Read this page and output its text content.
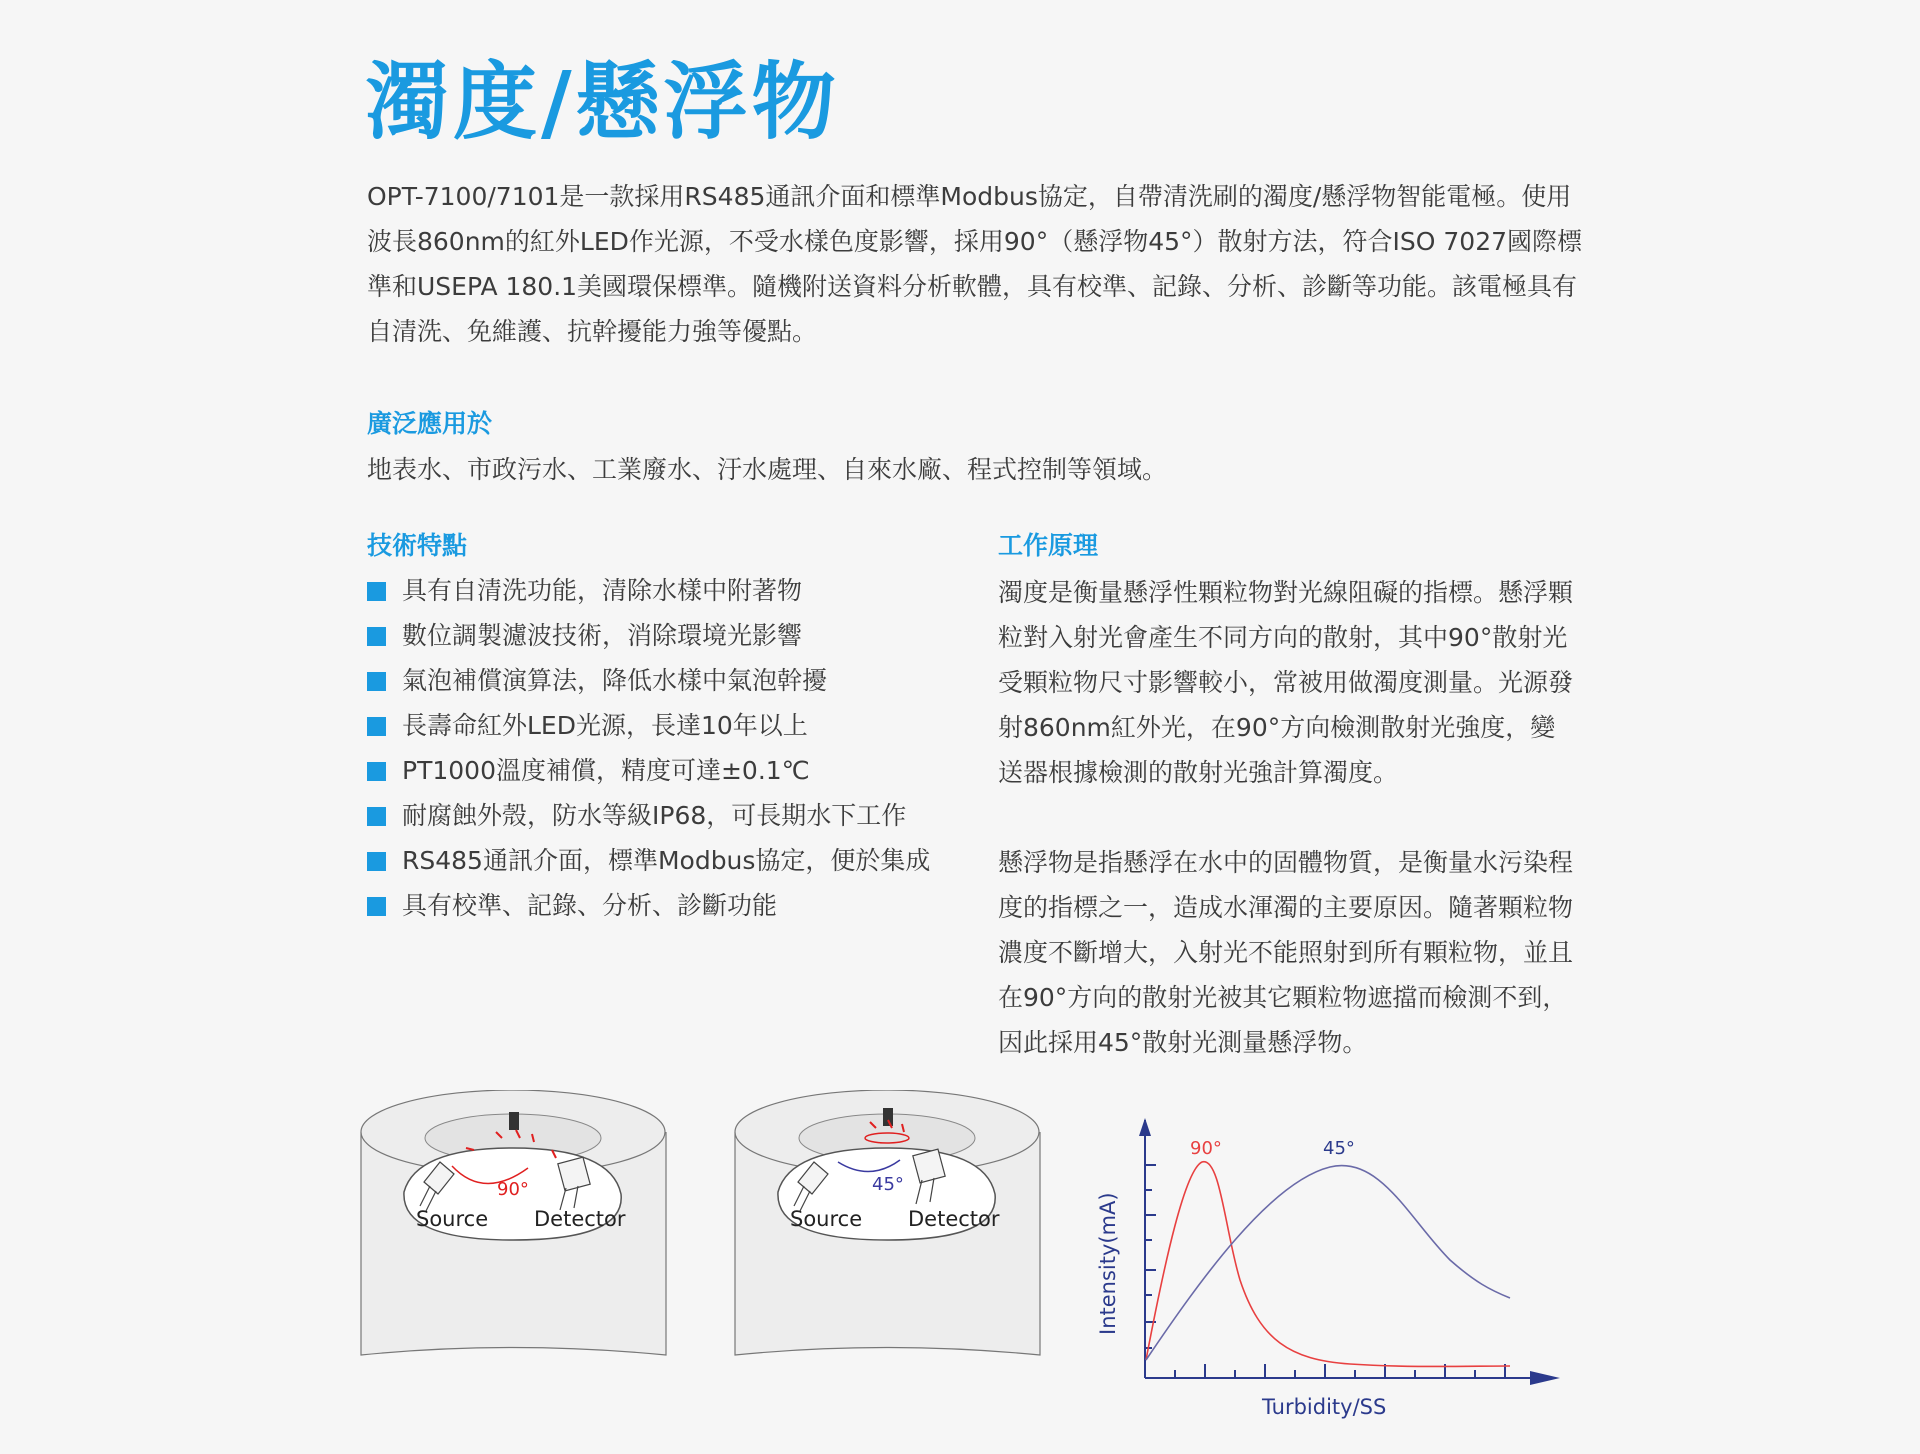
濁度/懸浮物

OPT-7100/7101是一款採用RS485通訊介面和標準Modbus協定，自帶清洗刷的濁度/懸浮物智能電極。使用波長860nm的紅外LED作光源，不受水樣色度影響，採用90°（懸浮物45°）散射方法，符合ISO 7027國際標準和USEPA 180.1美國環保標準。隨機附送資料分析軟體，具有校準、記錄、分析、診斷等功能。該電極具有自清洗、免維護、抗幹擾能力強等優點。

廣泛應用於

地表水、市政污水、工業廢水、汙水處理、自來水廠、程式控制等領域。

技術特點
具有自清洗功能，清除水樣中附著物
數位調製濾波技術，消除環境光影響
氣泡補償演算法，降低水樣中氣泡幹擾
長壽命紅外LED光源，長達10年以上
PT1000溫度補償，精度可達±0.1℃
耐腐蝕外殼，防水等級IP68，可長期水下工作
RS485通訊介面，標準Modbus協定，便於集成
具有校準、記錄、分析、診斷功能
工作原理

濁度是衡量懸浮性顆粒物對光線阻礙的指標。懸浮顆粒對入射光會產生不同方向的散射，其中90°散射光受顆粒物尺寸影響較小，常被用做濁度測量。光源發射860nm紅外光，在90°方向檢測散射光強度，變送器根據檢測的散射光強計算濁度。

懸浮物是指懸浮在水中的固體物質，是衡量水污染程度的指標之一，造成水渾濁的主要原因。隨著顆粒物濃度不斷增大，入射光不能照射到所有顆粒物，並且在90°方向的散射光被其它顆粒物遮擋而檢測不到，因此採用45°散射光測量懸浮物。

90°
Source Detector
45°
Source Detector
90°	45°
Intensity(mA)
Turbidity/SS
